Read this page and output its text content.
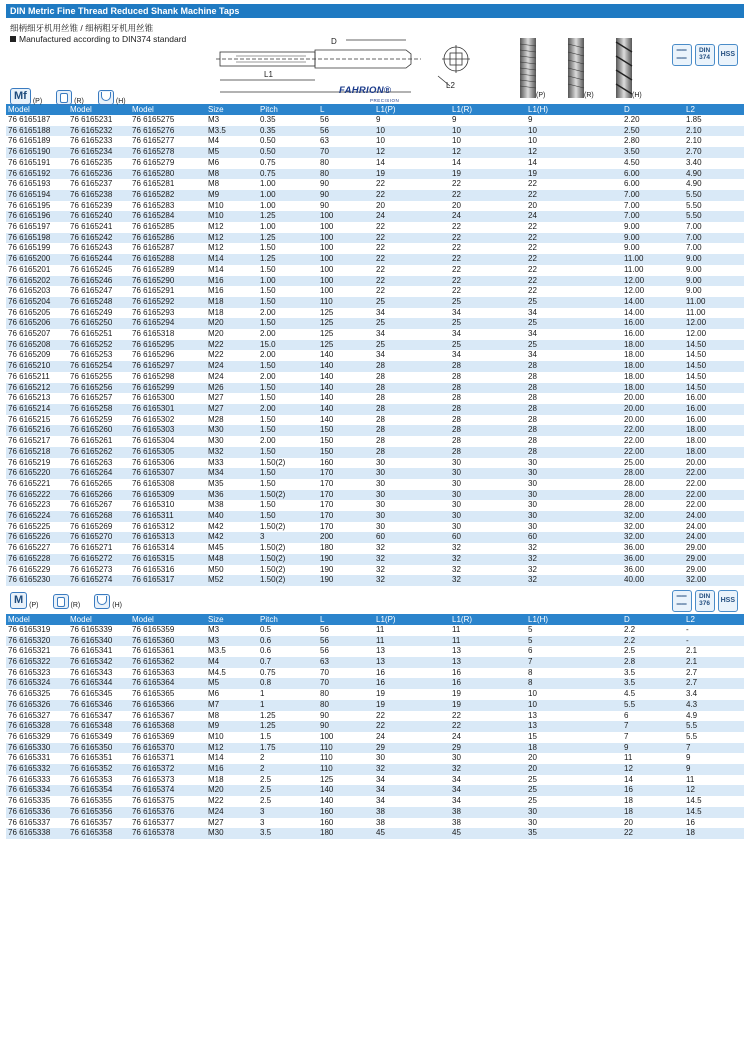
DIN Metric Fine Thread Reduced Shank Machine Taps
细柄细牙机用丝锥 / 细柄粗牙机用丝锥
Manufactured according to DIN374 standard	D
L1
L2
FAHRION®
PRECISION
(P)	(R)	(H)
══
══
DIN
374	HSS
Mf (P)	(R)	(H)
Model	Model	Model	Size	Pitch	L	L1(P)	L1(R)	L1(H)	D	L2
76 6165187	76 6165231	76 6165275	M3	0.35	56	9	9	9	2.20	1.85
76 6165188	76 6165232	76 6165276	M3.5	0.35	56	10	10	10	2.50	2.10
76 6165189	76 6165233	76 6165277	M4	0.50	63	10	10	10	2.80	2.10
76 6165190	76 6165234	76 6165278	M5	0.50	70	12	12	12	3.50	2.70
76 6165191	76 6165235	76 6165279	M6	0.75	80	14	14	14	4.50	3.40
76 6165192	76 6165236	76 6165280	M8	0.75	80	19	19	19	6.00	4.90
76 6165193	76 6165237	76 6165281	M8	1.00	90	22	22	22	6.00	4.90
76 6165194	76 6165238	76 6165282	M9	1.00	90	22	22	22	7.00	5.50
76 6165195	76 6165239	76 6165283	M10	1.00	90	20	20	20	7.00	5.50
76 6165196	76 6165240	76 6165284	M10	1.25	100	24	24	24	7.00	5.50
76 6165197	76 6165241	76 6165285	M12	1.00	100	22	22	22	9.00	7.00
76 6165198	76 6165242	76 6165286	M12	1.25	100	22	22	22	9.00	7.00
76 6165199	76 6165243	76 6165287	M12	1.50	100	22	22	22	9.00	7.00
76 6165200	76 6165244	76 6165288	M14	1.25	100	22	22	22	11.00	9.00
76 6165201	76 6165245	76 6165289	M14	1.50	100	22	22	22	11.00	9.00
76 6165202	76 6165246	76 6165290	M16	1.00	100	22	22	22	12.00	9.00
76 6165203	76 6165247	76 6165291	M16	1.50	100	22	22	22	12.00	9.00
76 6165204	76 6165248	76 6165292	M18	1.50	110	25	25	25	14.00	11.00
76 6165205	76 6165249	76 6165293	M18	2.00	125	34	34	34	14.00	11.00
76 6165206	76 6165250	76 6165294	M20	1.50	125	25	25	25	16.00	12.00
76 6165207	76 6165251	76 6165318	M20	2.00	125	34	34	34	16.00	12.00
76 6165208	76 6165252	76 6165295	M22	15.0	125	25	25	25	18.00	14.50
76 6165209	76 6165253	76 6165296	M22	2.00	140	34	34	34	18.00	14.50
76 6165210	76 6165254	76 6165297	M24	1.50	140	28	28	28	18.00	14.50
76 6165211	76 6165255	76 6165298	M24	2.00	140	28	28	28	18.00	14.50
76 6165212	76 6165256	76 6165299	M26	1.50	140	28	28	28	18.00	14.50
76 6165213	76 6165257	76 6165300	M27	1.50	140	28	28	28	20.00	16.00
76 6165214	76 6165258	76 6165301	M27	2.00	140	28	28	28	20.00	16.00
76 6165215	76 6165259	76 6165302	M28	1.50	140	28	28	28	20.00	16.00
76 6165216	76 6165260	76 6165303	M30	1.50	150	28	28	28	22.00	18.00
76 6165217	76 6165261	76 6165304	M30	2.00	150	28	28	28	22.00	18.00
76 6165218	76 6165262	76 6165305	M32	1.50	150	28	28	28	22.00	18.00
76 6165219	76 6165263	76 6165306	M33	1.50(2)	160	30	30	30	25.00	20.00
76 6165220	76 6165264	76 6165307	M34	1.50	170	30	30	30	28.00	22.00
76 6165221	76 6165265	76 6165308	M35	1.50	170	30	30	30	28.00	22.00
76 6165222	76 6165266	76 6165309	M36	1.50(2)	170	30	30	30	28.00	22.00
76 6165223	76 6165267	76 6165310	M38	1.50	170	30	30	30	28.00	22.00
76 6165224	76 6165268	76 6165311	M40	1.50	170	30	30	30	32.00	24.00
76 6165225	76 6165269	76 6165312	M42	1.50(2)	170	30	30	30	32.00	24.00
76 6165226	76 6165270	76 6165313	M42	3	200	60	60	60	32.00	24.00
76 6165227	76 6165271	76 6165314	M45	1.50(2)	180	32	32	32	36.00	29.00
76 6165228	76 6165272	76 6165315	M48	1.50(2)	190	32	32	32	36.00	29.00
76 6165229	76 6165273	76 6165316	M50	1.50(2)	190	32	32	32	36.00	29.00
76 6165230	76 6165274	76 6165317	M52	1.50(2)	190	32	32	32	40.00	32.00
M (P)	(R)	(H)
══
══
DIN
376	HSS
Model	Model	Model	Size	Pitch	L	L1(P)	L1(R)	L1(H)	D	L2
76 6165319	76 6165339	76 6165359	M3	0.5	56	11	11	5	2.2	-
76 6165320	76 6165340	76 6165360	M3	0.6	56	11	11	5	2.2	-
76 6165321	76 6165341	76 6165361	M3.5	0.6	56	13	13	6	2.5	2.1
76 6165322	76 6165342	76 6165362	M4	0.7	63	13	13	7	2.8	2.1
76 6165323	76 6165343	76 6165363	M4.5	0.75	70	16	16	8	3.5	2.7
76 6165324	76 6165344	76 6165364	M5	0.8	70	16	16	8	3.5	2.7
76 6165325	76 6165345	76 6165365	M6	1	80	19	19	10	4.5	3.4
76 6165326	76 6165346	76 6165366	M7	1	80	19	19	10	5.5	4.3
76 6165327	76 6165347	76 6165367	M8	1.25	90	22	22	13	6	4.9
76 6165328	76 6165348	76 6165368	M9	1.25	90	22	22	13	7	5.5
76 6165329	76 6165349	76 6165369	M10	1.5	100	24	24	15	7	5.5
76 6165330	76 6165350	76 6165370	M12	1.75	110	29	29	18	9	7
76 6165331	76 6165351	76 6165371	M14	2	110	30	30	20	11	9
76 6165332	76 6165352	76 6165372	M16	2	110	32	32	20	12	9
76 6165333	76 6165353	76 6165373	M18	2.5	125	34	34	25	14	11
76 6165334	76 6165354	76 6165374	M20	2.5	140	34	34	25	16	12
76 6165335	76 6165355	76 6165375	M22	2.5	140	34	34	25	18	14.5
76 6165336	76 6165356	76 6165376	M24	3	160	38	38	30	18	14.5
76 6165337	76 6165357	76 6165377	M27	3	160	38	38	30	20	16
76 6165338	76 6165358	76 6165378	M30	3.5	180	45	45	35	22	18
